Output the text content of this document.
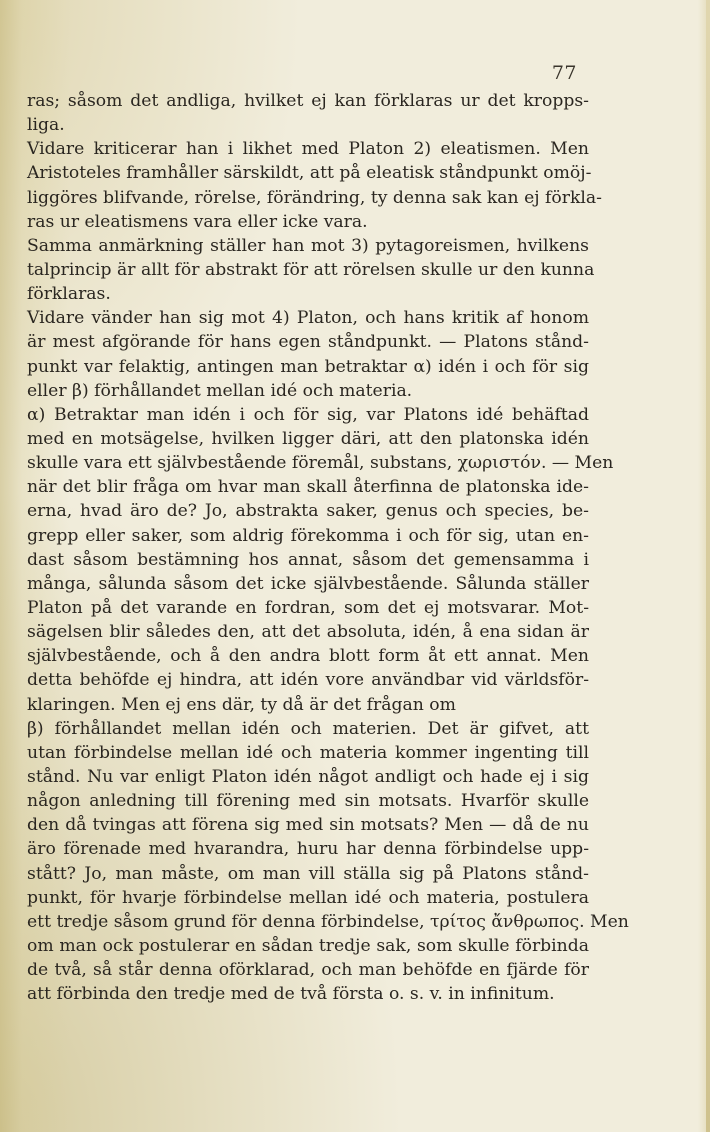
77
ras; såsom det andliga, hvilket ej kan förklaras ur det kropps-
liga.
Vidare kriticerar han i likhet med Platon 2) eleatismen. Men
Aristoteles framhåller särskildt, att på eleatisk ståndpunkt omöj-
liggöres blifvande, rörelse, förändring, ty denna sak kan ej förkla-
ras ur eleatismens vara eller icke vara.
Samma anmärkning ställer han mot 3) pytagoreismen, hvilkens
talprincip är allt för abstrakt för att rörelsen skulle ur den kunna
förklaras.
Vidare vänder han sig mot 4) Platon, och hans kritik af honom
är mest afgörande för hans egen ståndpunkt. — Platons stånd-
punkt var felaktig, antingen man betraktar α) idén i och för sig
eller β) förhållandet mellan idé och materia.
α) Betraktar man idén i och för sig, var Platons idé behäftad
med en motsägelse, hvilken ligger däri, att den platonska idén
skulle vara ett självbestående föremål, substans, χωριστόν. — Men
när det blir fråga om hvar man skall återfinna de platonska ide-
erna, hvad äro de? Jo, abstrakta saker, genus och species, be-
grepp eller saker, som aldrig förekomma i och för sig, utan en-
dast såsom bestämning hos annat, såsom det gemensamma i
många, sålunda såsom det icke självbestående. Sålunda ställer
Platon på det varande en fordran, som det ej motsvarar. Mot-
sägelsen blir således den, att det absoluta, idén, å ena sidan är
självbestående, och å den andra blott form åt ett annat. Men
detta behöfde ej hindra, att idén vore användbar vid världsför-
klaringen. Men ej ens där, ty då är det frågan om
β) förhållandet mellan idén och materien. Det är gifvet, att
utan förbindelse mellan idé och materia kommer ingenting till
stånd. Nu var enligt Platon idén något andligt och hade ej i sig
någon anledning till förening med sin motsats. Hvarför skulle
den då tvingas att förena sig med sin motsats? Men — då de nu
äro förenade med hvarandra, huru har denna förbindelse upp-
stått? Jo, man måste, om man vill ställa sig på Platons stånd-
punkt, för hvarje förbindelse mellan idé och materia, postulera
ett tredje såsom grund för denna förbindelse, τρίτος ἄνθρωπος. Men
om man ock postulerar en sådan tredje sak, som skulle förbinda
de två, så står denna oförklarad, och man behöfde en fjärde för
att förbinda den tredje med de två första o. s. v. in infinitum.
